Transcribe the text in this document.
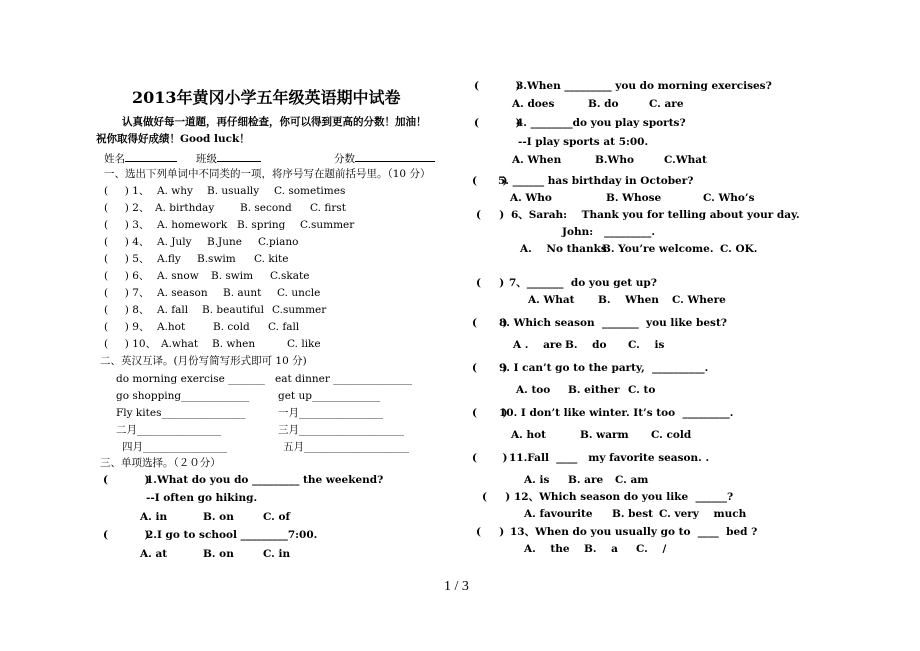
2013年黄冈小学五年级英语期中试卷
认真做好每一道题，再仔细检查，你可以得到更高的分数！加油！
祝你取得好成绩！Good luck！
姓名	班级	分数
一、选出下列单词中不同类的一项，将序号写在题前括号里。（10 分）
(     ) 1、 A. why B. usually C. sometimes
(     ) 2、 A. birthday B. second C. first
(     ) 3、 A. homework B. spring C.summer
(     ) 4、 A. July B.June C.piano
(     ) 5、 A.fly B.swim C. kite
(     ) 6、 A. snow B. swim C.skate
(     ) 7、 A. season B. aunt C. uncle
(     ) 8、 A. fall B. beautiful C.summer
(     ) 9、 A.hot	B. cold C. fall
(     ) 10、 A.what B. when	C. like
二、英汉互译。(月份写简写形式即可 10 分)
do morning exercise _______ eat dinner _______________
go shopping_____________	get up_____________
Fly kites________________	一月________________
二月________________	三月____________________
四月________________	五月____________________
三、单项选择。（２０分）
(          )
1.What do you do _________ the weekend?
--I often go hiking.
A. in	B. on	C. of
(          )
2.I go to school _________7:00.
A. at	B. on	C. in
(          )
3.When _________ you do morning exercises?
A. does	B. do	C. are
(          )
4. ________do you play sports?
--I play sports at 5:00.
A. When	B.Who	C.What
(       )
5. ______ has birthday in October?
A. Who	B. Whose	C. Who’s
(     ) 6、Sarah:    Thank you for telling about your day.
John:   _________.
A.    No thanks
B. You’re welcome. C. OK.
(     ) 7、_______  do you get up?
A. What B.    When C. Where
(       )
8. Which season  _______  you like best?
A .    are B.    do C.    is
(       )
9. I can’t go to the party,  __________.
A. too B. either C. to
(       )
10. I don’t like winter. It’s too  _________.
A. hot	B. warm C. cold
(       ) 11.Fall  ____   my favorite season. .
A. is B. are C. am
(     ) 12、Which season do you like  ______?
A. favourite B. best C. very    much
(     ) 13、When do you usually go to  ____  bed ?
A.    the B.    a C.    /
1 / 3
